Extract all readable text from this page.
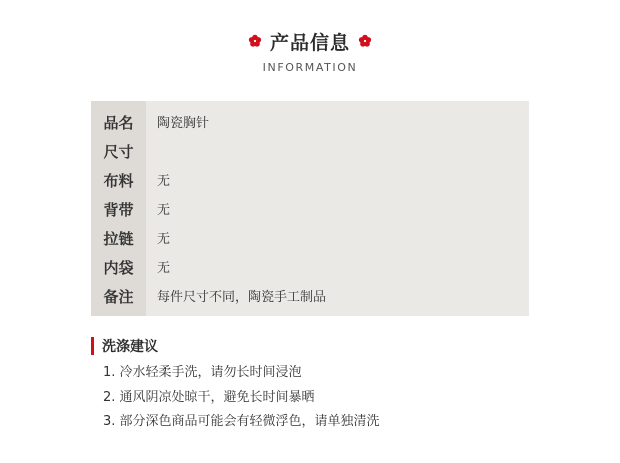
产品信息
INFORMATION
品名
尺寸
布料
背带
拉链
内袋
备注
陶瓷胸针
无
无
无
无
每件尺寸不同，陶瓷手工制品
洗涤建议
1. 冷水轻柔手洗，请勿长时间浸泡
2. 通风阴凉处晾干，避免长时间暴晒
3. 部分深色商品可能会有轻微浮色，请单独清洗
